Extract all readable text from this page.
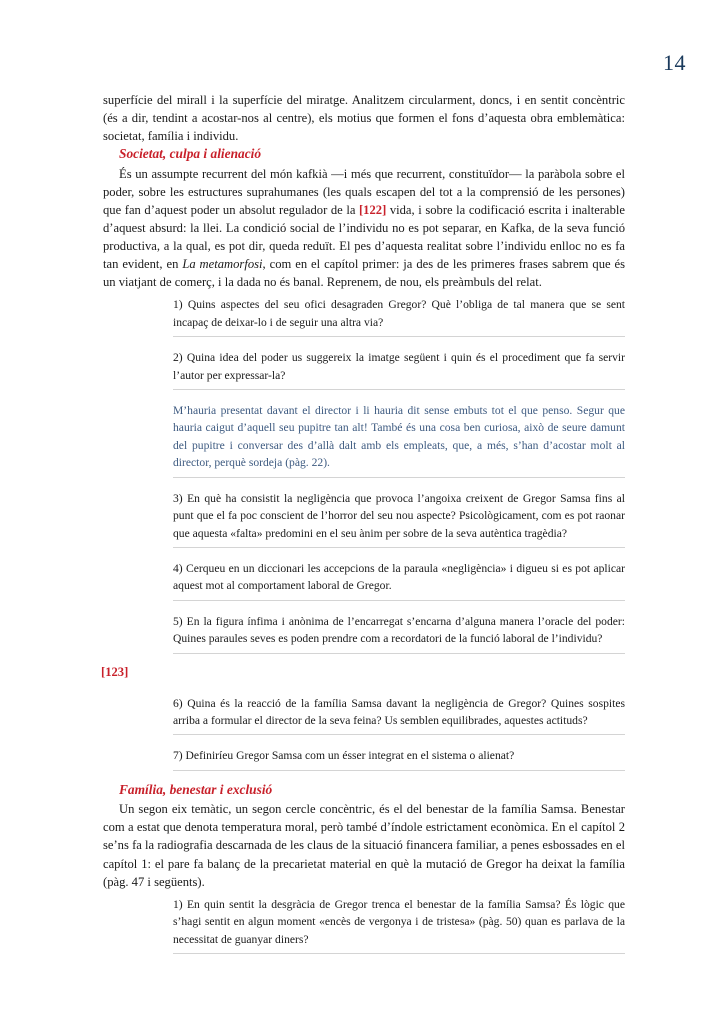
14

superfície del mirall i la superfície del miratge. Analitzem circularment, doncs, i en sentit concèntric (és a dir, tendint a acostar-nos al centre), els motius que formen el fons d’aquesta obra emblemàtica: societat, família i individu.

Societat, culpa i alienació

És un assumpte recurrent del món kafkià —i més que recurrent, constituïdor— la paràbola sobre el poder, sobre les estructures suprahumanes (les quals escapen del tot a la comprensió de les persones) que fan d’aquest poder un absolut regulador de la [122] vida, i sobre la codificació escrita i inalterable d’aquest absurd: la llei. La condició social de l’individu no es pot separar, en Kafka, de la seva funció productiva, a la qual, es pot dir, queda reduït. El pes d’aquesta realitat sobre l’individu enlloc no es fa tan evident, en La metamorfosi, com en el capítol primer: ja des de les primeres frases sabrem que és un viatjant de comerç, i la dada no és banal. Reprenem, de nou, els preàmbuls del relat.

1) Quins aspectes del seu ofici desagraden Gregor? Què l’obliga de tal manera que se sent incapaç de deixar-lo i de seguir una altra via?

2) Quina idea del poder us suggereix la imatge següent i quin és el procediment que fa servir l’autor per expressar-la?

M’hauria presentat davant el director i li hauria dit sense embuts tot el que penso. Segur que hauria caigut d’aquell seu pupitre tan alt! També és una cosa ben curiosa, això de seure damunt del pupitre i conversar des d’allà dalt amb els empleats, que, a més, s’han d’acostar molt al director, perquè sordeja (pàg. 22).

3) En què ha consistit la negligència que provoca l’angoixa creixent de Gregor Samsa fins al punt que el fa poc conscient de l’horror del seu nou aspecte? Psicològicament, com es pot raonar que aquesta «falta» predomini en el seu ànim per sobre de la seva autèntica tragèdia?

4) Cerqueu en un diccionari les accepcions de la paraula «negligència» i digueu si es pot aplicar aquest mot al comportament laboral de Gregor.

5) En la figura ínfima i anònima de l’encarregat s’encarna d’alguna manera l’oracle del poder: Quines paraules seves es poden prendre com a recordatori de la funció laboral de l’individu?

[123]

6) Quina és la reacció de la família Samsa davant la negligència de Gregor? Quines sospites arriba a formular el director de la seva feina? Us semblen equilibrades, aquestes actituds?

7) Definiríeu Gregor Samsa com un ésser integrat en el sistema o alienat?

Família, benestar i exclusió

Un segon eix temàtic, un segon cercle concèntric, és el del benestar de la família Samsa. Benestar com a estat que denota temperatura moral, però també d’índole estrictament econòmica. En el capítol 2 se’ns fa la radiografia descarnada de les claus de la situació financera familiar, a penes esbossades en el capítol 1: el pare fa balanç de la precarietat material en què la mutació de Gregor ha deixat la família (pàg. 47 i següents).

1) En quin sentit la desgràcia de Gregor trenca el benestar de la família Samsa? És lògic que s’hagi sentit en algun moment «encès de vergonya i de tristesa» (pàg. 50) quan es parlava de la necessitat de guanyar diners?
